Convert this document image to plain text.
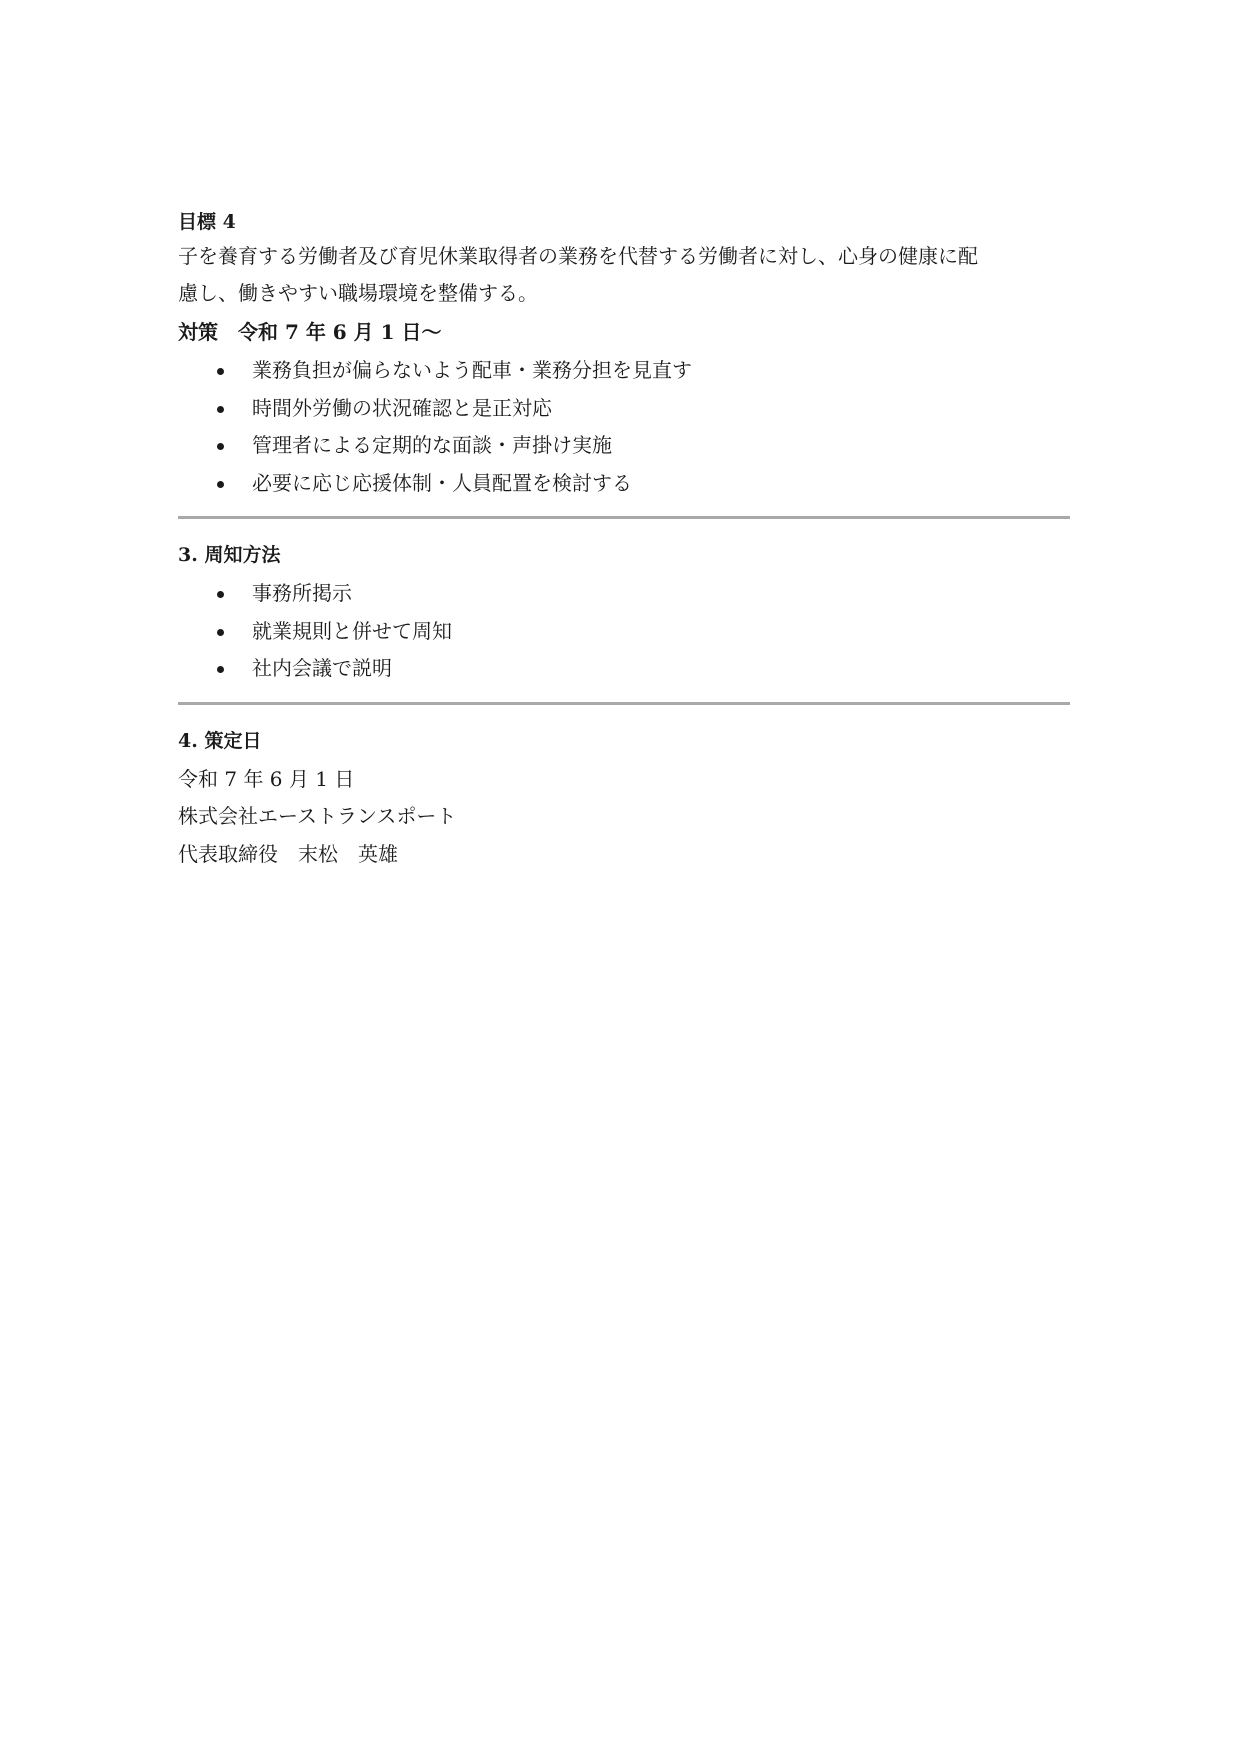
目標 4

子を養育する労働者及び育児休業取得者の業務を代替する労働者に対し、心身の健康に配

慮し、働きやすい職場環境を整備する。

対策　令和 7 年 6 月 1 日〜

業務負担が偏らないよう配車・業務分担を見直す
時間外労働の状況確認と是正対応
管理者による定期的な面談・声掛け実施
必要に応じ応援体制・人員配置を検討する

3. 周知方法

事務所掲示
就業規則と併せて周知
社内会議で説明

4. 策定日

令和 7 年 6 月 1 日

株式会社エーストランスポート

代表取締役　末松　英雄
